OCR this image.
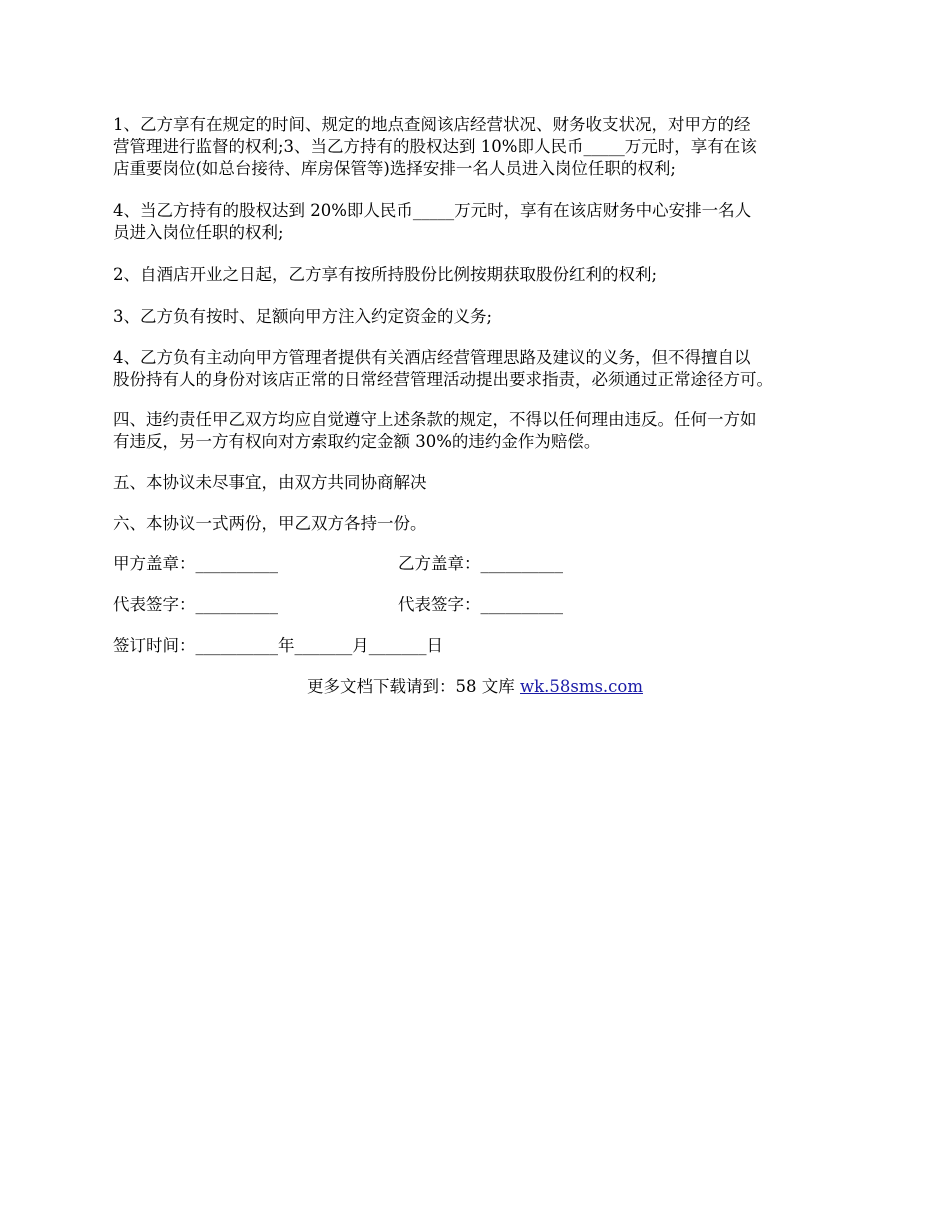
1、乙方享有在规定的时间、规定的地点查阅该店经营状况、财务收支状况，对甲方的经
营管理进行监督的权利;3、当乙方持有的股权达到 10%即人民币_____万元时，享有在该
店重要岗位(如总台接待、库房保管等)选择安排一名人员进入岗位任职的权利;

4、当乙方持有的股权达到 20%即人民币_____万元时，享有在该店财务中心安排一名人
员进入岗位任职的权利;

2、自酒店开业之日起，乙方享有按所持股份比例按期获取股份红利的权利;

3、乙方负有按时、足额向甲方注入约定资金的义务;

4、乙方负有主动向甲方管理者提供有关酒店经营管理思路及建议的义务，但不得擅自以
股份持有人的身份对该店正常的日常经营管理活动提出要求指责，必须通过正常途径方可。

四、违约责任甲乙双方均应自觉遵守上述条款的规定，不得以任何理由违反。任何一方如
有违反，另一方有权向对方索取约定金额 30%的违约金作为赔偿。

五、本协议未尽事宜，由双方共同协商解决

六、本协议一式两份，甲乙双方各持一份。

甲方盖章：__________	乙方盖章：__________
代表签字：__________	代表签字：__________
签订时间：__________年_______月_______日
更多文档下载请到：58 文库 wk.58sms.com
